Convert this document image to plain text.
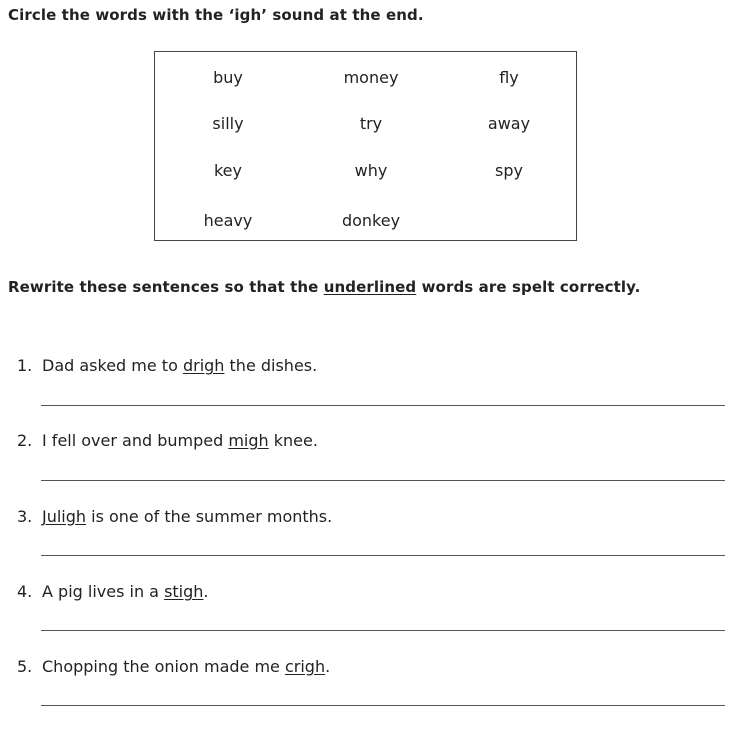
Circle the words with the ‘igh’ sound at the end.
buy	money	fly
silly	try	away
key	why	spy
heavy	donkey
Rewrite these sentences so that the underlined words are spelt correctly.
1. Dad asked me to drigh the dishes.
2. I fell over and bumped migh knee.
3. Juligh is one of the summer months.
4. A pig lives in a stigh.
5. Chopping the onion made me crigh.
